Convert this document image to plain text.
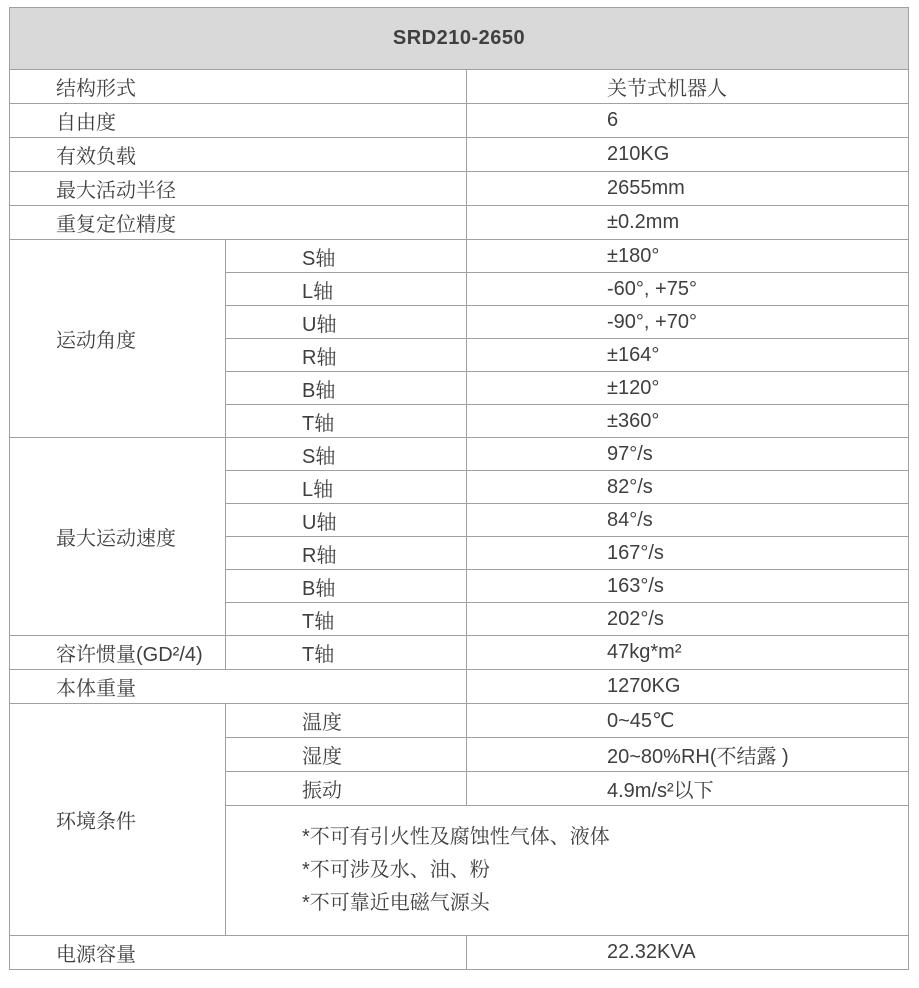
SRD210-2650		
结构形式		关节式机器人
自由度		6
有效负载		210KG
最大活动半径		2655mm
重复定位精度		±0.2mm
运动角度	S轴	±180°
	L轴	-60°, +75°
	U轴	-90°, +70°
	R轴	±164°
	B轴	±120°
	T轴	±360°
最大运动速度	S轴	97°/s
	L轴	82°/s
	U轴	84°/s
	R轴	167°/s
	B轴	163°/s
	T轴	202°/s
容许惯量(GD²/4)	T轴	47kg*m²
本体重量		1270KG
环境条件	温度	0~45℃
	湿度	20~80%RH(不结露 )
	振动	4.9m/s²以下

	*不可有引火性及腐蚀性气体、液体
*不可涉及水、油、粉
*不可靠近电磁气源头	

电源容量		22.32KVA
